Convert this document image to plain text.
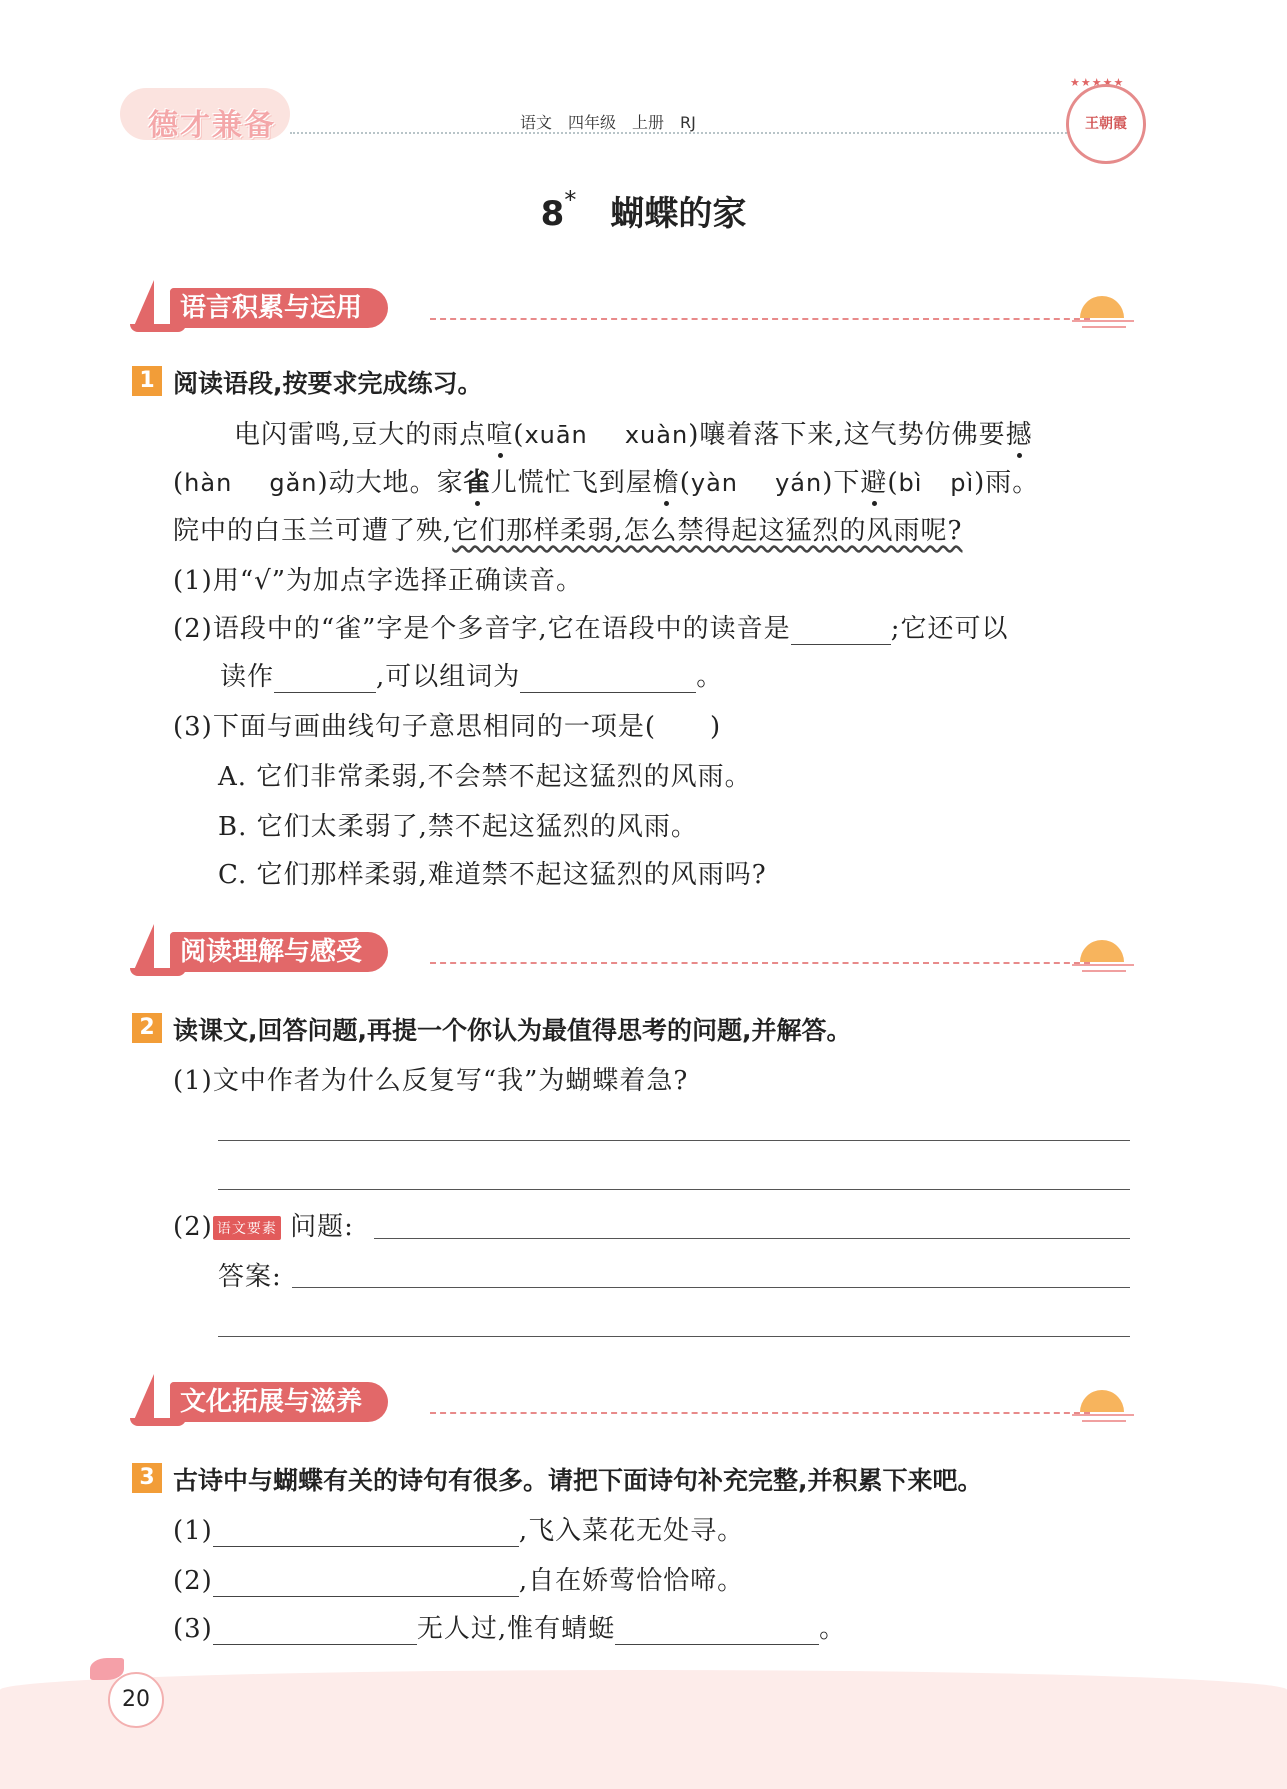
德才兼备	语文　四年级　上册　RJ
★★★★★
王朝霞
8* 蝴蝶的家
语言积累与运用
1 阅读语段,按要求完成练习。
电闪雷鸣,豆大的雨点喧(xuān xuàn)嚷着落下来,这气势仿佛要撼
(hàn gǎn)动大地。家雀儿慌忙飞到屋檐(yàn yán)下避(bì pì)雨。
院中的白玉兰可遭了殃,它们那样柔弱,怎么禁得起这猛烈的风雨呢?
(1)用“√”为加点字选择正确读音。
(2)语段中的“雀”字是个多音字,它在语段中的读音是	;它还可以
读作	,可以组词为	。
(3)下面与画曲线句子意思相同的一项是(　　)
A. 它们非常柔弱,不会禁不起这猛烈的风雨。
B. 它们太柔弱了,禁不起这猛烈的风雨。
C. 它们那样柔弱,难道禁不起这猛烈的风雨吗?
阅读理解与感受
2 读课文,回答问题,再提一个你认为最值得思考的问题,并解答。
(1)文中作者为什么反复写“我”为蝴蝶着急?
(2) 语文要素 问题:
答案:
文化拓展与滋养
3 古诗中与蝴蝶有关的诗句有很多。请把下面诗句补充完整,并积累下来吧。
(1)	,飞入菜花无处寻。
(2)	,自在娇莺恰恰啼。
(3)	无人过,惟有蜻蜓	。
20
